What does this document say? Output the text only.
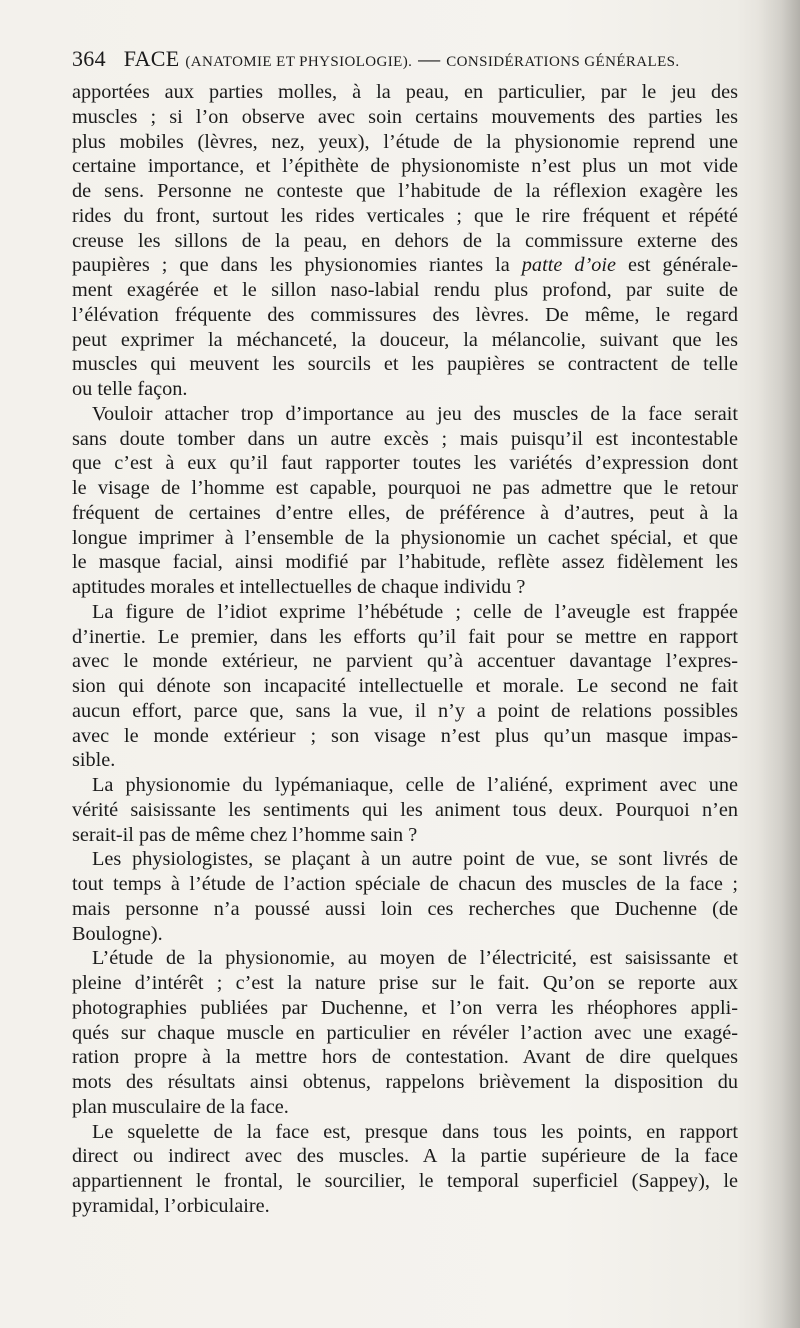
364 FACE (ANATOMIE ET PHYSIOLOGIE). — CONSIDÉRATIONS GÉNÉRALES.
apportées aux parties molles, à la peau, en particulier, par le jeu des
muscles ; si l’on observe avec soin certains mouvements des parties les
plus mobiles (lèvres, nez, yeux), l’étude de la physionomie reprend une
certaine importance, et l’épithète de physionomiste n’est plus un mot vide
de sens. Personne ne conteste que l’habitude de la réflexion exagère les
rides du front, surtout les rides verticales ; que le rire fréquent et répété
creuse les sillons de la peau, en dehors de la commissure externe des
paupières ; que dans les physionomies riantes la patte d’oie est générale-
ment exagérée et le sillon naso-labial rendu plus profond, par suite de
l’élévation fréquente des commissures des lèvres. De même, le regard
peut exprimer la méchanceté, la douceur, la mélancolie, suivant que les
muscles qui meuvent les sourcils et les paupières se contractent de telle
ou telle façon.
Vouloir attacher trop d’importance au jeu des muscles de la face serait
sans doute tomber dans un autre excès ; mais puisqu’il est incontestable
que c’est à eux qu’il faut rapporter toutes les variétés d’expression dont
le visage de l’homme est capable, pourquoi ne pas admettre que le retour
fréquent de certaines d’entre elles, de préférence à d’autres, peut à la
longue imprimer à l’ensemble de la physionomie un cachet spécial, et que
le masque facial, ainsi modifié par l’habitude, reflète assez fidèlement les
aptitudes morales et intellectuelles de chaque individu ?
La figure de l’idiot exprime l’hébétude ; celle de l’aveugle est frappée
d’inertie. Le premier, dans les efforts qu’il fait pour se mettre en rapport
avec le monde extérieur, ne parvient qu’à accentuer davantage l’expres-
sion qui dénote son incapacité intellectuelle et morale. Le second ne fait
aucun effort, parce que, sans la vue, il n’y a point de relations possibles
avec le monde extérieur ; son visage n’est plus qu’un masque impas-
sible.
La physionomie du lypémaniaque, celle de l’aliéné, expriment avec une
vérité saisissante les sentiments qui les animent tous deux. Pourquoi n’en
serait-il pas de même chez l’homme sain ?
Les physiologistes, se plaçant à un autre point de vue, se sont livrés de
tout temps à l’étude de l’action spéciale de chacun des muscles de la face ;
mais personne n’a poussé aussi loin ces recherches que Duchenne (de
Boulogne).
L’étude de la physionomie, au moyen de l’électricité, est saisissante et
pleine d’intérêt ; c’est la nature prise sur le fait. Qu’on se reporte aux
photographies publiées par Duchenne, et l’on verra les rhéophores appli-
qués sur chaque muscle en particulier en révéler l’action avec une exagé-
ration propre à la mettre hors de contestation. Avant de dire quelques
mots des résultats ainsi obtenus, rappelons brièvement la disposition du
plan musculaire de la face.
Le squelette de la face est, presque dans tous les points, en rapport
direct ou indirect avec des muscles. A la partie supérieure de la face
appartiennent le frontal, le sourcilier, le temporal superficiel (Sappey), le
pyramidal, l’orbiculaire.
